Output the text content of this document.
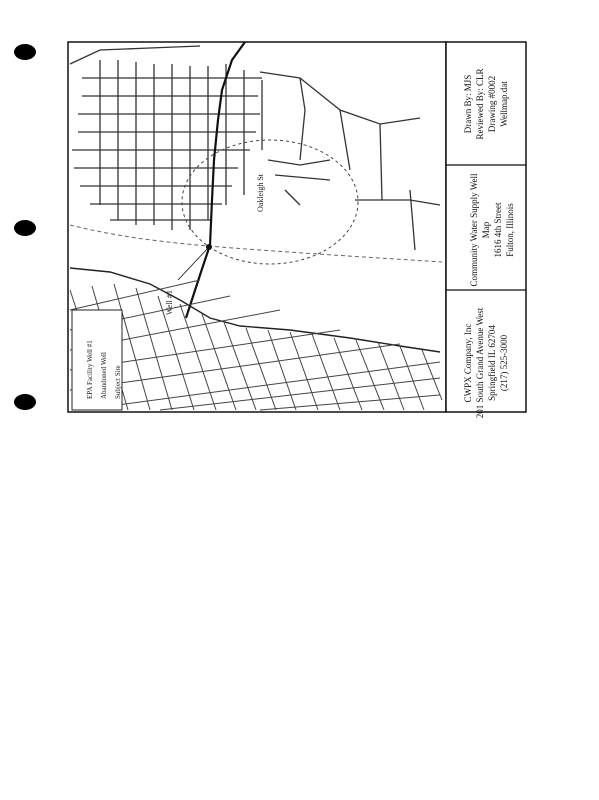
CWPX Company, Inc
201 South Grand Avenue West
Springfield IL 62704
(217) 525-3000
Community Water Supply Well Map
1616 4th Street
Fulton, Illinois
Drawn By: MJS
Reviewed By: CLR
Drawing #0002
Wellmap.dat
Oakleigh St
Well #1
EPA Facility Well #1 Abandoned Well Subject Site
